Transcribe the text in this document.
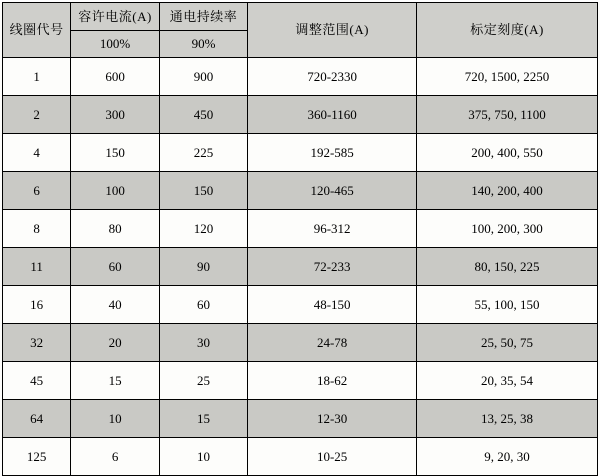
线圈代号	容许电流(A)	通电持续率	调整范围(A)	标定刻度(A)
	100%	90%		
1	600	900	720-2330	720, 1500, 2250
2	300	450	360-1160	375, 750, 1100
4	150	225	192-585	200, 400, 550
6	100	150	120-465	140, 200, 400
8	80	120	96-312	100, 200, 300
11	60	90	72-233	80, 150, 225
16	40	60	48-150	55, 100, 150
32	20	30	24-78	25, 50, 75
45	15	25	18-62	20, 35, 54
64	10	15	12-30	13, 25, 38
125	6	10	10-25	9, 20, 30
